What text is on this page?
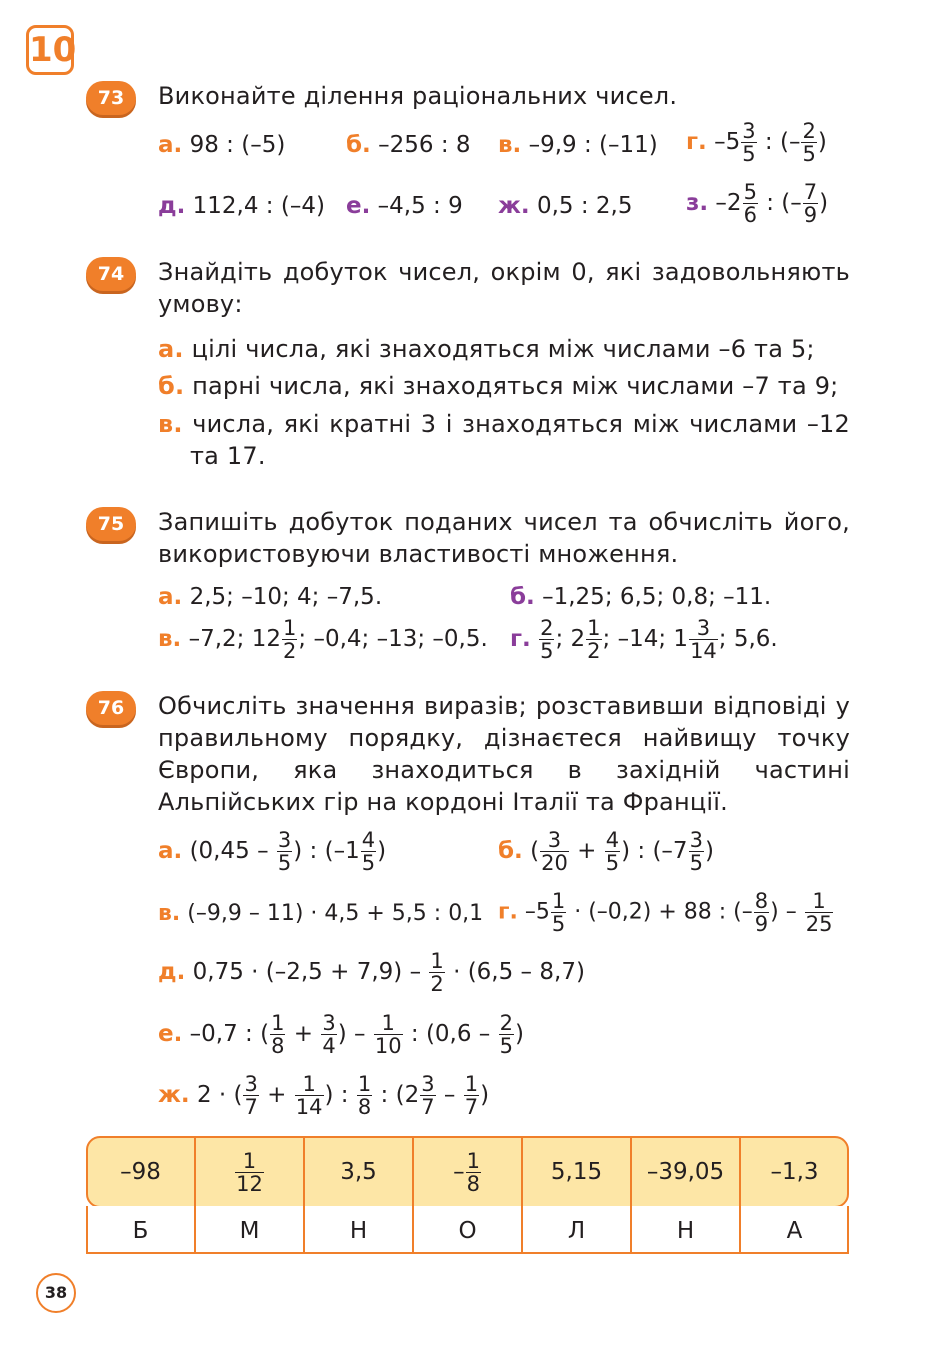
10
73	Виконайте ділення раціональних чисел.
а. 98 : (–5)	б. –256 : 8 в. –9,9 : (–11) г. $-5 \frac{3}{5}$ : (– $\frac{2}{5}$ )
д. 112,4 : (–4) е. –4,5 : 9 ж. 0,5 : 2,5 з. $-2 \frac{5}{6}$ : (– $\frac{7}{9}$ )
74	Знайдіть добуток чисел, окрім 0, які задовольняють умову:
а. цілі числа, які знаходяться між числами –6 та 5;
б. парні числа, які знаходяться між числами –7 та 9;
в. числа, які кратні 3 і знаходяться між числами –12 та 17.
75	Запишіть добуток поданих чисел та обчисліть його, використовуючи властивості множення.
а. 2,5; –10; 4; –7,5.	б. –1,25; 6,5; 0,8; –11.
в. –7,2; $12 \frac{1}{2}$ ; –0,4; –13; –0,5. г. $\frac{2}{5}$ ; $2 \frac{1}{2}$ ; –14; $1 \frac{3}{14}$ ; 5,6.
76	Обчисліть значення виразів; розставивши відповіді у правильному порядку, дізнаєтеся найвищу точку Європи, яка знаходиться в західній частині Альпійських гір на кордоні Італії та Франції.
а. ($0,45 - \frac{3}{5}$ ) : ($-1 \frac{4}{5}$ )	б. ( $\frac{3}{20} + \frac{4}{5}$ ) : ($-7 \frac{3}{5}$ )
в. (–9,9 – 11) · 4,5 + 5,5 : 0,1 г. $-5 \frac{1}{5} \cdot (-0,2) + 88$ : (– $\frac{8}{9}$ ) – $\frac{1}{25}$
д. $0,75 \cdot (-2,5 + 7,9) - \frac{1}{2} \cdot (6,5 - 8,7)$
е. –0,7 : ( $\frac{1}{8} + \frac{3}{4}$ ) – $\frac{1}{10}$ : ($0,6 - \frac{2}{5}$ )
ж. 2 · ( $\frac{3}{7} + \frac{1}{14}$ ) : $\frac{1}{8}$ : ($2 \frac{3}{7} - \frac{1}{7}$ )
–98	$\frac{1}{12}$	3,5	– $\frac{1}{8}$	5,15	–39,05	–1,3
Б	М	Н	О	Л	Н	А
38
